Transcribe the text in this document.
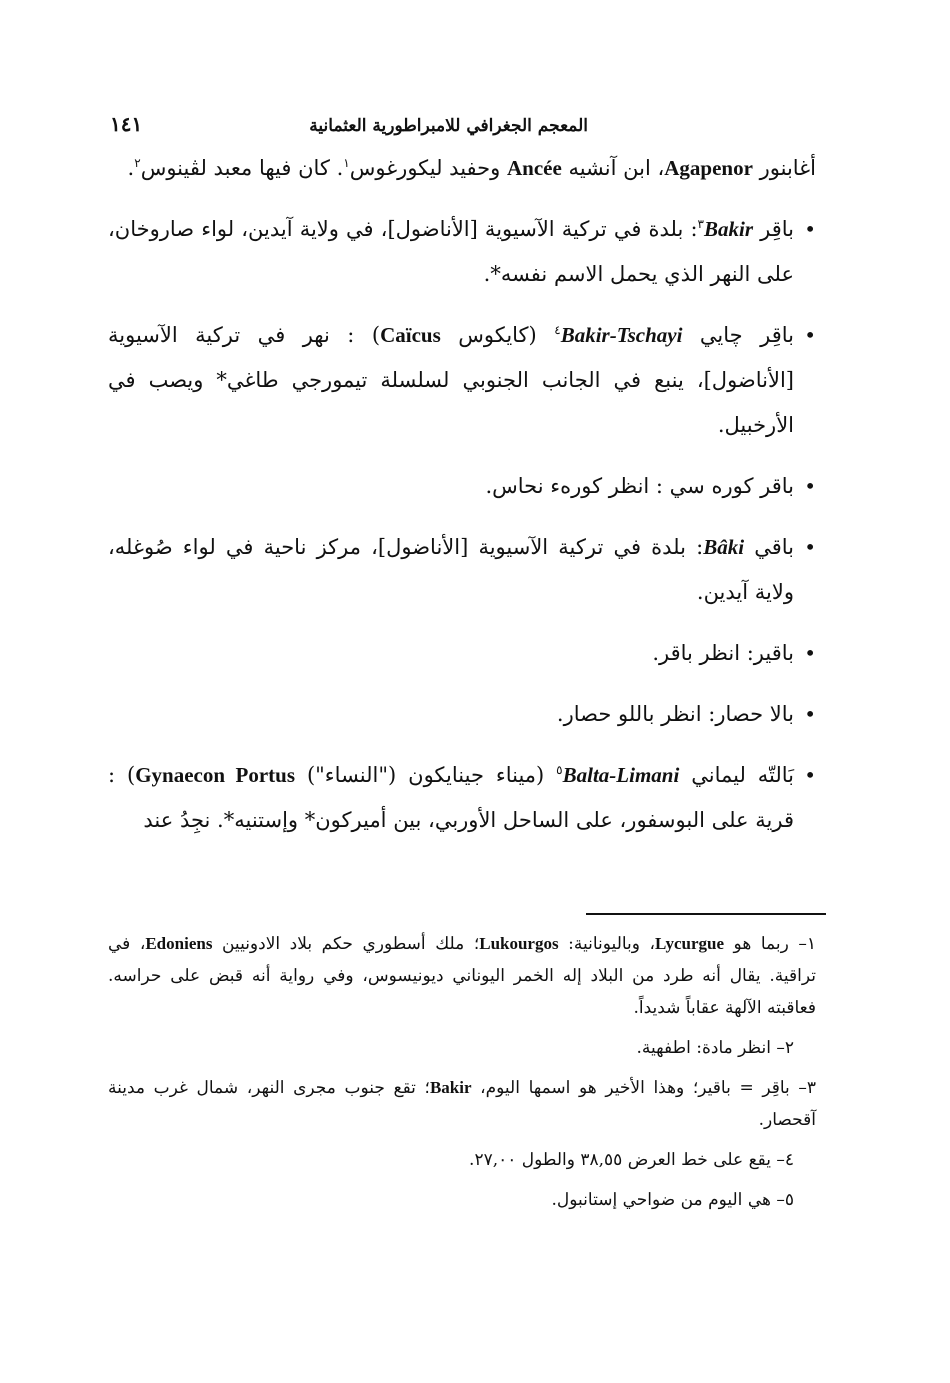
المعجم الجغرافي للامبراطورية العثمانية
١٤١

أغابنور Agapenor، ابن آنشيه Ancée وحفيد ليكورغوس$^١$. كان فيها معبد لڤينوس$^٢$.

• باقِر Bakir$^٣$: بلدة في تركية الآسيوية [الأناضول]، في ولاية آيدين، لواء صاروخان، على النهر الذي يحمل الاسم نفسه*.

• باقِر چايي Bakir-Tschayi$^٤$ (كايكوس Caïcus) : نهر في تركية الآسيوية [الأناضول]، ينبع في الجانب الجنوبي لسلسلة تيمورجي طاغي* ويصب في الأرخبيل.

• باقر كوره سي : انظر كوره‌ء نحاس.

• باقي Bâki: بلدة في تركية الآسيوية [الأناضول]، مركز ناحية في لواء صُوغله، ولاية آيدين.

• باقير: انظر باقر.

• بالا حصار: انظر باللو حصار.

• بَالتّه ليماني Balta-Limani$^٥$ (ميناء جينايكون ("النساء") Gynaecon Portus) : قرية على البوسفور، على الساحل الأوربي، بين أميركون* وإستنيه*. نجِدُ عند

١– ربما هو Lycurgue، وباليونانية: Lukourgos؛ ملك أسطوري حكم بلاد الادونيين Edoniens، في تراقية. يقال أنه طرد من البلاد إله الخمر اليوناني ديونيسوس، وفي رواية أنه قبض على حراسه. فعاقبته الآلهة عقاباً شديداً.

٢– انظر مادة: اطفهية.

٣– باقِر = باقير؛ وهذا الأخير هو اسمها اليوم، Bakir؛ تقع جنوب مجرى النهر، شمال غرب مدينة آقحصار.

٤– يقع على خط العرض ٣٨,٥٥ والطول ٢٧,٠٠.

٥– هي اليوم من ضواحي إستانبول.
